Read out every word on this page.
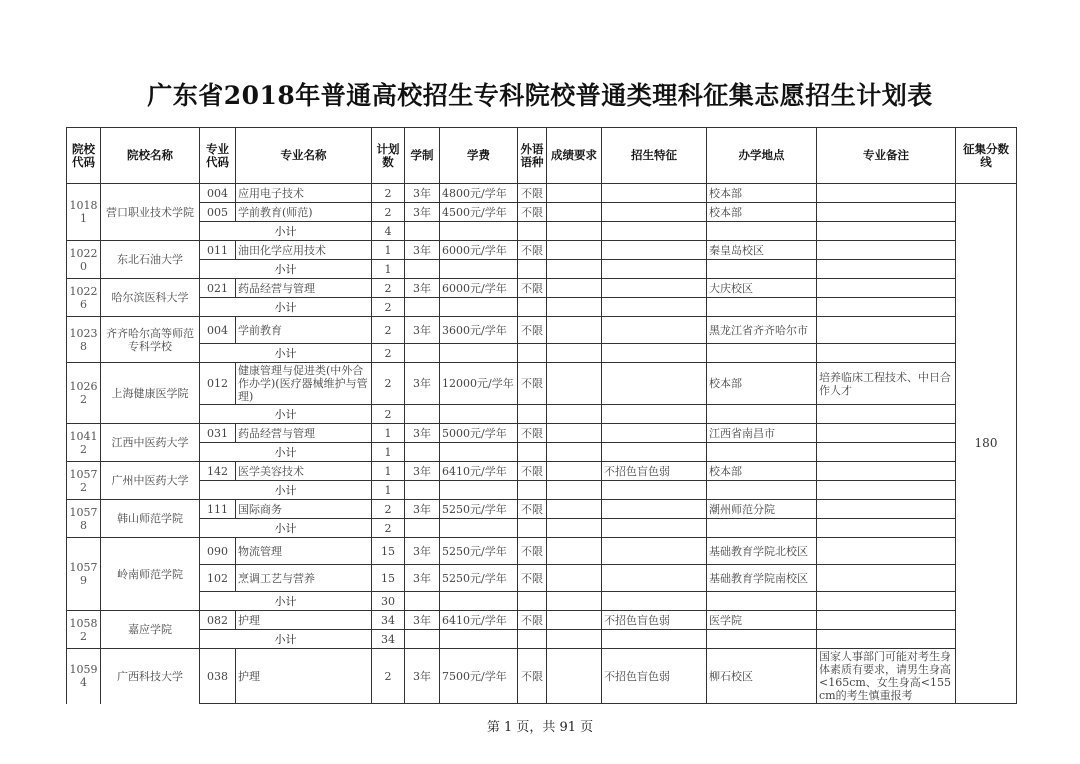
广东省2018年普通高校招生专科院校普通类理科征集志愿招生计划表
院校代码	院校名称	专业代码	专业名称	计划数	学制	学费	外语语种	成绩要求	招生特征	办学地点	专业备注	征集分数线
10181	营口职业技术学院	004	应用电子技术	2	3年	4800元/学年	不限			校本部		180
		005	学前教育(师范)	2	3年	4500元/学年	不限			校本部		
		小计		4								
10220	东北石油大学	011	油田化学应用技术	1	3年	6000元/学年	不限			秦皇岛校区		
		小计		1								
10226	哈尔滨医科大学	021	药品经营与管理	2	3年	6000元/学年	不限			大庆校区		
		小计		2								
10238	齐齐哈尔高等师范专科学校	004	学前教育	2	3年	3600元/学年	不限			黑龙江省齐齐哈尔市		
		小计		2								
10262	上海健康医学院	012	健康管理与促进类(中外合作办学)(医疗器械维护与管理)	2	3年	12000元/学年	不限			校本部	培养临床工程技术、中日合作人才	
		小计		2								
10412	江西中医药大学	031	药品经营与管理	1	3年	5000元/学年	不限			江西省南昌市		
		小计		1								
10572	广州中医药大学	142	医学美容技术	1	3年	6410元/学年	不限		不招色盲色弱	校本部		
		小计		1								
10578	韩山师范学院	111	国际商务	2	3年	5250元/学年	不限			潮州师范分院		
		小计		2								
10579	岭南师范学院	090	物流管理	15	3年	5250元/学年	不限			基础教育学院北校区		
		102	烹调工艺与营养	15	3年	5250元/学年	不限			基础教育学院南校区		
		小计		30								
10582	嘉应学院	082	护理	34	3年	6410元/学年	不限		不招色盲色弱	医学院		
		小计		34								
10594	广西科技大学	038	护理	2	3年	7500元/学年	不限		不招色盲色弱	柳石校区	国家人事部门可能对考生身体素质有要求，请男生身高<165cm、女生身高<155cm的考生慎重报考	
第 1 页，共 91 页
